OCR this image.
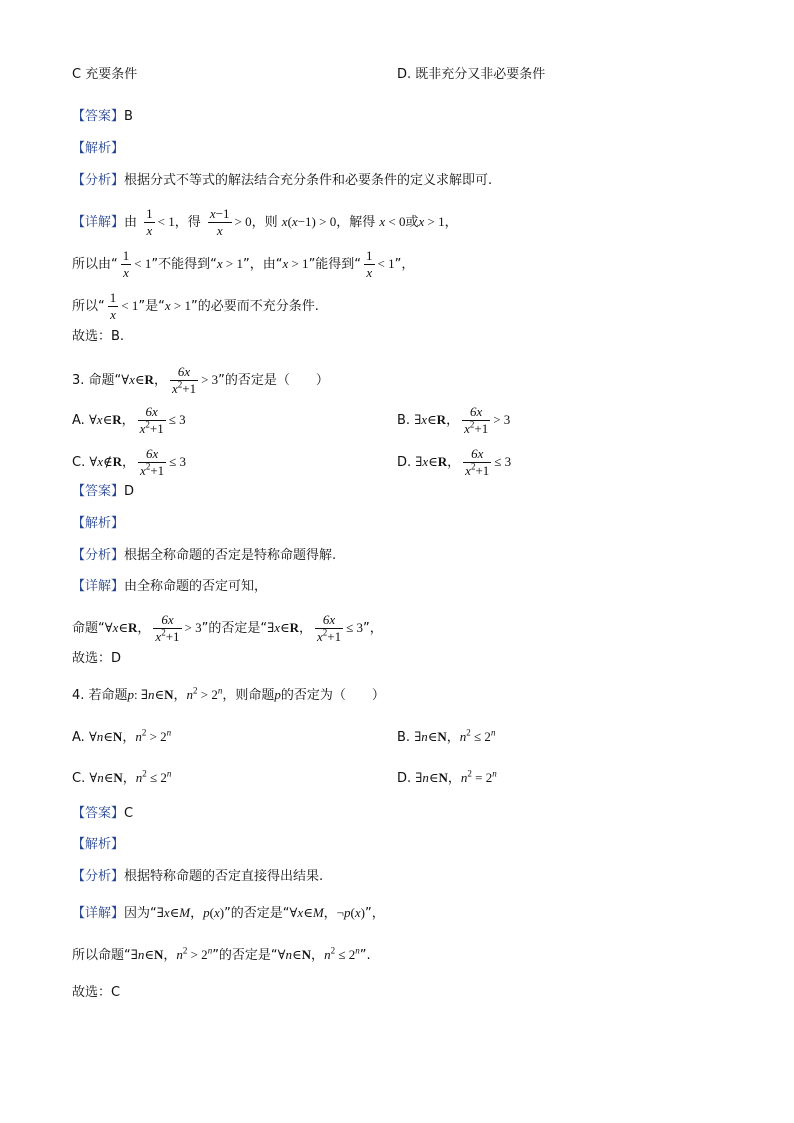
C 充要条件	D. 既非充分又非必要条件
【答案】B
【解析】
【分析】根据分式不等式的解法结合充分条件和必要条件的定义求解即可.
【详解】由 $\frac{1}{x} < 1$，得 $\frac{x-1}{x} > 0$，则 x(x−1) > 0，解得 x < 0或x > 1，
所以由“ $\frac{1}{x} < 1$”不能得到“x > 1”，由“x > 1”能得到“ $\frac{1}{x} < 1$”，
所以“ $\frac{1}{x} < 1$”是“x > 1”的必要而不充分条件.
故选：B.
3. 命题“∀x∈R， $\frac{6x}{x^2+1} > 3$”的否定是（　　）
A. ∀x∈R， $\frac{6x}{x^2+1} \le 3$	B. ∃x∈R， $\frac{6x}{x^2+1} > 3$
C. ∀x∉R， $\frac{6x}{x^2+1} \le 3$	D. ∃x∈R， $\frac{6x}{x^2+1} \le 3$
【答案】D
【解析】
【分析】根据全称命题的否定是特称命题得解.
【详解】由全称命题的否定可知，
命题“∀x∈R， $\frac{6x}{x^2+1} > 3$”的否定是“∃x∈R， $\frac{6x}{x^2+1} \le 3$”，
故选：D
4. 若命题p: ∃n∈N，$n^2 > 2^n$，则命题p的否定为（　　）
A. ∀n∈N，$n^2 > 2^n$	B. ∃n∈N，$n^2 \le 2^n$
C. ∀n∈N，$n^2 \le 2^n$	D. ∃n∈N，$n^2 = 2^n$
【答案】C
【解析】
【分析】根据特称命题的否定直接得出结果.
【详解】因为“∃x∈M，p(x)”的否定是“∀x∈M，¬p(x)”，
所以命题“∃n∈N，$n^2 > 2^n$”的否定是“∀n∈N，$n^2 \le 2^n$”.
故选：C
